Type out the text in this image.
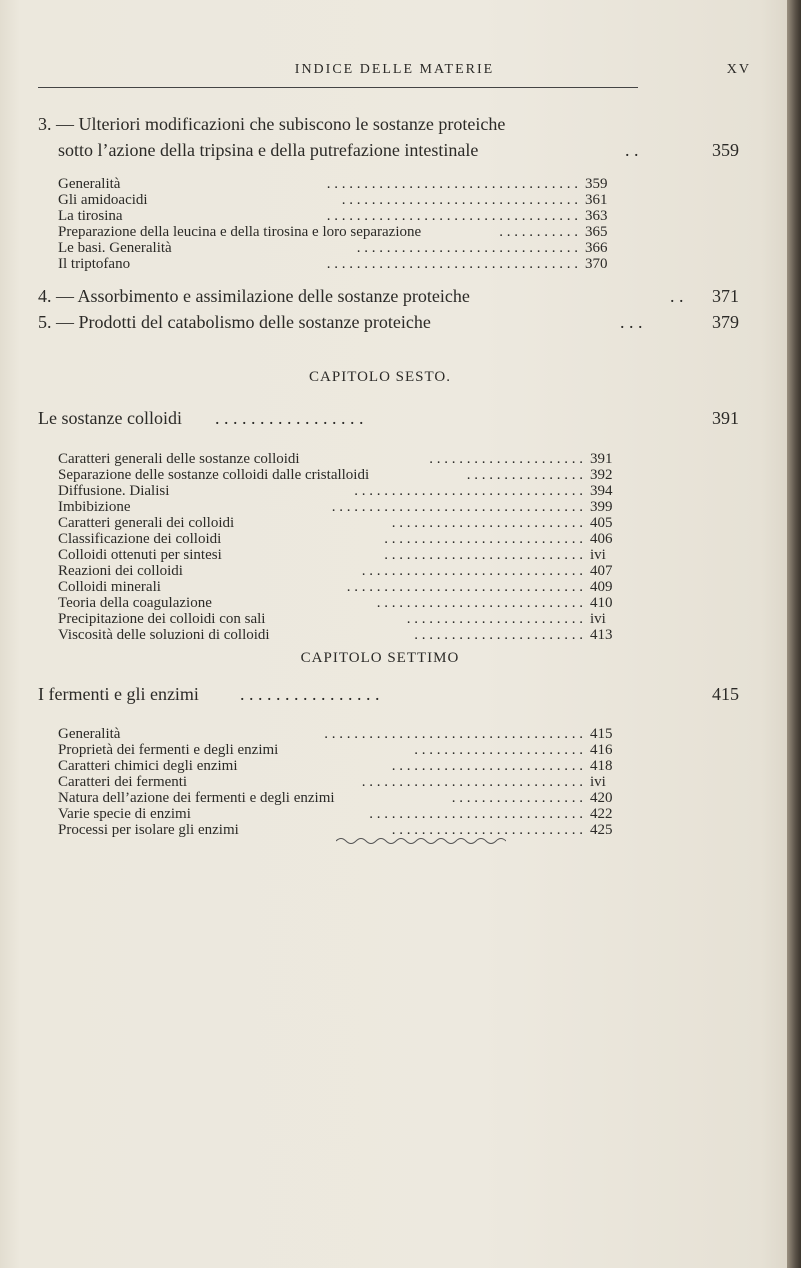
INDICE DELLE MATERIE	XV
3. — Ulteriori modificazioni che subiscono le sostanze proteiche
sotto l’azione della tripsina e della putrefazione intestinale	. .	359
Generalità	. . . . . . . . . . . . . . . . . . . . . . . . . . . . . . . . . . 359
Gli amidoacidi	. . . . . . . . . . . . . . . . . . . . . . . . . . . . . . . . 361
La tirosina	. . . . . . . . . . . . . . . . . . . . . . . . . . . . . . . . . . 363
Preparazione della leucina e della tirosina e loro separazione	. . . . . . . . . . . 365
Le basi. Generalità	. . . . . . . . . . . . . . . . . . . . . . . . . . . . . . 366
Il triptofano	. . . . . . . . . . . . . . . . . . . . . . . . . . . . . . . . . . 370
4. — Assorbimento e assimilazione delle sostanze proteiche	. .	371
5. — Prodotti del catabolismo delle sostanze proteiche	. . .	379
CAPITOLO SESTO.
Le sostanze colloidi . . . . . . . . . . . . . . . . .	391
Caratteri generali delle sostanze colloidi	. . . . . . . . . . . . . . . . . . . . . 391
Separazione delle sostanze colloidi dalle cristalloidi	. . . . . . . . . . . . . . . . 392
Diffusione. Dialisi	. . . . . . . . . . . . . . . . . . . . . . . . . . . . . . . 394
Imbibizione	. . . . . . . . . . . . . . . . . . . . . . . . . . . . . . . . . . 399
Caratteri generali dei colloidi	. . . . . . . . . . . . . . . . . . . . . . . . . . 405
Classificazione dei colloidi	. . . . . . . . . . . . . . . . . . . . . . . . . . . 406
Colloidi ottenuti per sintesi	. . . . . . . . . . . . . . . . . . . . . . . . . . . ivi
Reazioni dei colloidi	. . . . . . . . . . . . . . . . . . . . . . . . . . . . . . 407
Colloidi minerali	. . . . . . . . . . . . . . . . . . . . . . . . . . . . . . . . 409
Teoria della coagulazione	. . . . . . . . . . . . . . . . . . . . . . . . . . . . 410
Precipitazione dei colloidi con sali	. . . . . . . . . . . . . . . . . . . . . . . . ivi
Viscosità delle soluzioni di colloidi	. . . . . . . . . . . . . . . . . . . . . . . 413
CAPITOLO SETTIMO
I fermenti e gli enzimi . . . . . . . . . . . . . . . .	415
Generalità	. . . . . . . . . . . . . . . . . . . . . . . . . . . . . . . . . . . 415
Proprietà dei fermenti e degli enzimi	. . . . . . . . . . . . . . . . . . . . . . . 416
Caratteri chimici degli enzimi	. . . . . . . . . . . . . . . . . . . . . . . . . . 418
Caratteri dei fermenti	. . . . . . . . . . . . . . . . . . . . . . . . . . . . . . ivi
Natura dell’azione dei fermenti e degli enzimi	. . . . . . . . . . . . . . . . . . 420
Varie specie di enzimi	. . . . . . . . . . . . . . . . . . . . . . . . . . . . . 422
Processi per isolare gli enzimi	. . . . . . . . . . . . . . . . . . . . . . . . . . 425
